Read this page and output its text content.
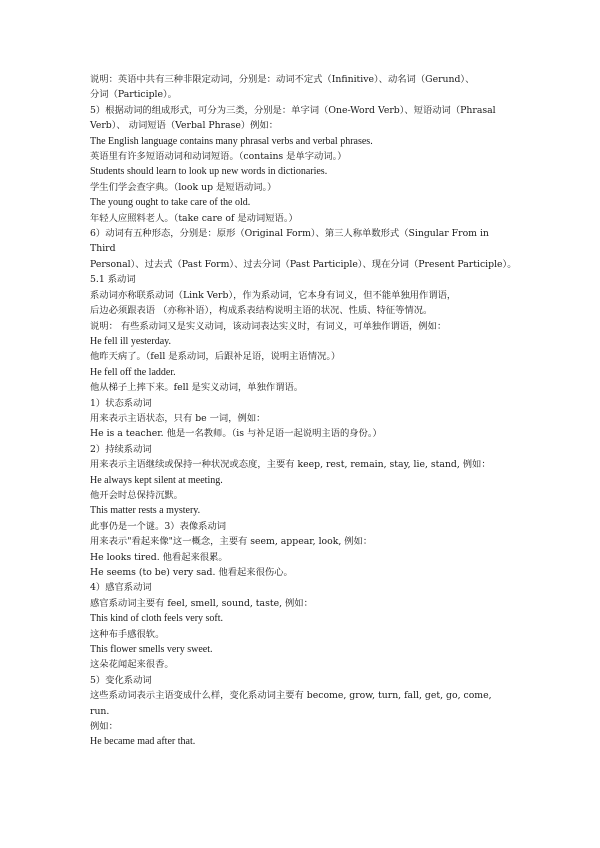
说明：英语中共有三种非限定动词，分别是：动词不定式（Infinitive）、动名词（Gerund）、
分词（Participle）。
5）根据动词的组成形式，可分为三类，分别是：单字词（One-Word Verb）、短语动词（Phrasal
Verb）、 动词短语（Verbal Phrase）例如：
The English language contains many phrasal verbs and verbal phrases.
英语里有许多短语动词和动词短语。（contains 是单字动词。）
Students should learn to look up new words in dictionaries.
学生们学会查字典。（look up 是短语动词。）
The young ought to take care of the old.
年轻人应照料老人。（take care of 是动词短语。）
6）动词有五种形态，分别是：原形（Original Form）、第三人称单数形式（Singular From in
Third
Personal）、过去式（Past Form）、过去分词（Past Participle）、现在分词（Present Participle）。
5.1 系动词
系动词亦称联系动词（Link Verb），作为系动词，它本身有词义，但不能单独用作谓语，
后边必须跟表语 （亦称补语），构成系表结构说明主语的状况、性质、特征等情况。
说明： 有些系动词又是实义动词，该动词表达实义时，有词义，可单独作谓语，例如：
He fell ill yesterday.
他昨天病了。（fell 是系动词，后跟补足语，说明主语情况。）
He fell off the ladder.
他从梯子上摔下来。fell 是实义动词，单独作谓语。
1）状态系动词
用来表示主语状态，只有 be 一词，例如：
He is a teacher. 他是一名教师。（is 与补足语一起说明主语的身份。）
2）持续系动词
用来表示主语继续或保持一种状况或态度，主要有 keep, rest, remain, stay, lie, stand, 例如：
He always kept silent at meeting.
他开会时总保持沉默。
This matter rests a mystery.
此事仍是一个谜。3）表像系动词
用来表示"看起来像"这一概念，主要有 seem, appear, look, 例如：
He looks tired. 他看起来很累。
He seems (to be) very sad. 他看起来很伤心。
4）感官系动词
感官系动词主要有 feel, smell, sound, taste, 例如：
This kind of cloth feels very soft.
这种布手感很软。
This flower smells very sweet.
这朵花闻起来很香。
5）变化系动词
这些系动词表示主语变成什么样，变化系动词主要有 become, grow, turn, fall, get, go, come,
run.
例如：
He became mad after that.
